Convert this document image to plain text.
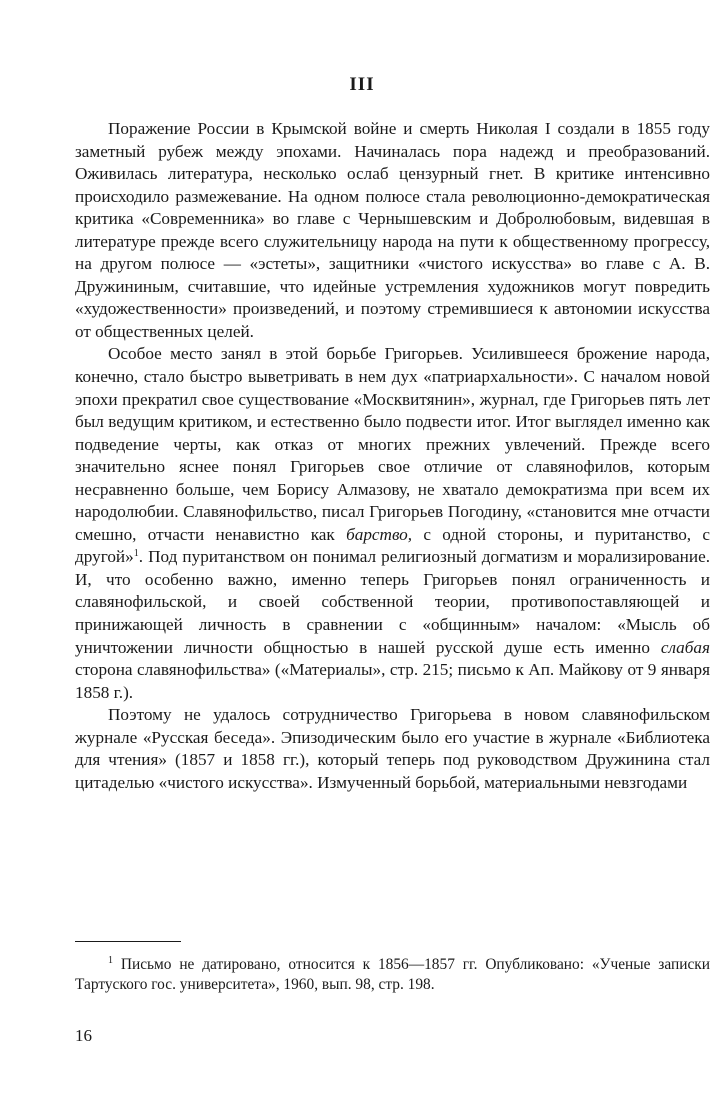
III

Поражение России в Крымской войне и смерть Николая I создали в 1855 году заметный рубеж между эпохами. Начиналась пора надежд и преобразований. Оживилась литература, несколько ослаб цензурный гнет. В критике интенсивно происходило размежевание. На одном полюсе стала революционно-демократическая критика «Современника» во главе с Чернышевским и Добролюбовым, видевшая в литературе прежде всего служительницу народа на пути к общественному прогрессу, на другом полюсе — «эстеты», защитники «чистого искусства» во главе с А. В. Дружининым, считавшие, что идейные устремления художников могут повредить «художественности» произведений, и поэтому стремившиеся к автономии искусства от общественных целей.

Особое место занял в этой борьбе Григорьев. Усилившееся брожение народа, конечно, стало быстро выветривать в нем дух «патриархальности». С началом новой эпохи прекратил свое существование «Москвитянин», журнал, где Григорьев пять лет был ведущим критиком, и естественно было подвести итог. Итог выглядел именно как подведение черты, как отказ от многих прежних увлечений. Прежде всего значительно яснее понял Григорьев свое отличие от славянофилов, которым несравненно больше, чем Борису Алмазову, не хватало демократизма при всем их народолюбии. Славянофильство, писал Григорьев Погодину, «становится мне отчасти смешно, отчасти ненавистно как барство, с одной стороны, и пуританство, с другой»$^1$. Под пуританством он понимал религиозный догматизм и морализирование. И, что особенно важно, именно теперь Григорьев понял ограниченность и славянофильской, и своей собственной теории, противопоставляющей и принижающей личность в сравнении с «общинным» началом: «Мысль об уничтожении личности общностью в нашей русской душе есть именно слабая сторона славянофильства» («Материалы», стр. 215; письмо к Ап. Майкову от 9 января 1858 г.).

Поэтому не удалось сотрудничество Григорьева в новом славянофильском журнале «Русская беседа». Эпизодическим было его участие в журнале «Библиотека для чтения» (1857 и 1858 гг.), который теперь под руководством Дружинина стал цитаделью «чистого искусства». Измученный борьбой, материальными невзгодами

$^1$ Письмо не датировано, относится к 1856—1857 гг. Опубликовано: «Ученые записки Тартуского гос. университета», 1960, вып. 98, стр. 198.
16
